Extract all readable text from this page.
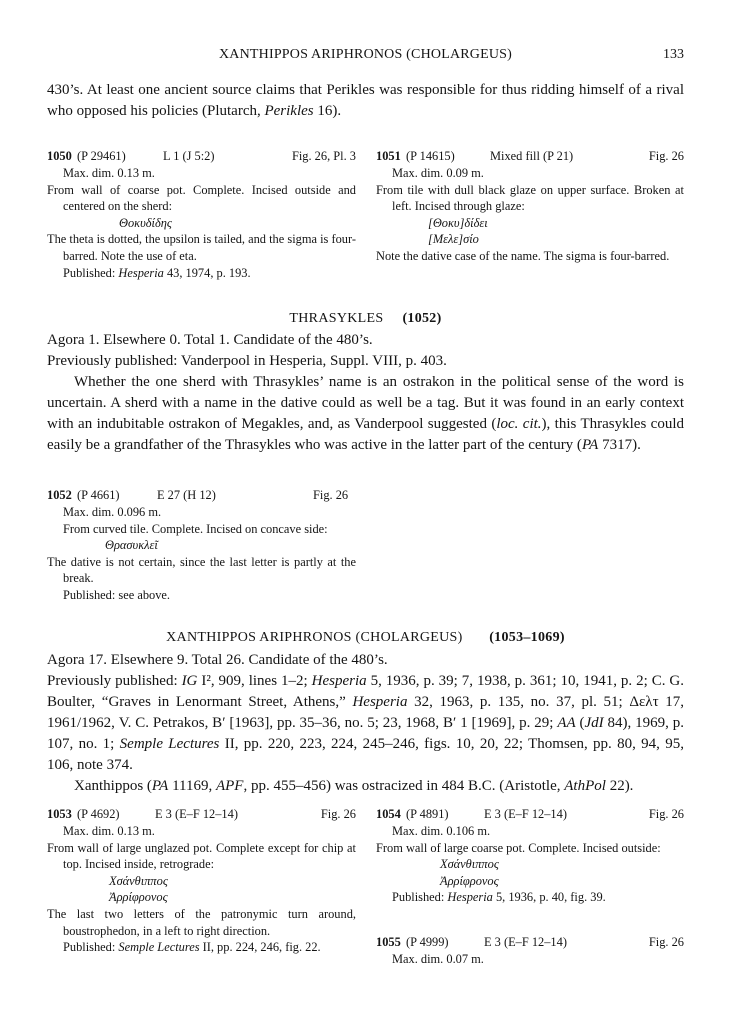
XANTHIPPOS ARIPHRONOS (CHOLARGEUS)	133
430’s. At least one ancient source claims that Perikles was responsible for thus ridding himself of a rival who opposed his policies (Plutarch, Perikles 16).
1050 (P 29461)	L 1 (J 5:2)	Fig. 26, Pl. 3

Max. dim. 0.13 m.

From wall of coarse pot. Complete. Incised outside and centered on the sherd:

Θοκυδίδης

The theta is dotted, the upsilon is tailed, and the sigma is four-barred. Note the use of eta.

Published: Hesperia 43, 1974, p. 193.

1051 (P 14615)	Mixed fill (P 21)	Fig. 26

Max. dim. 0.09 m.

From tile with dull black glaze on upper surface. Broken at left. Incised through glaze:

[Θοκυ]δίδει

[Μελε]σίο

Note the dative case of the name. The sigma is four-barred.

THRASYKLES (1052)
Agora 1. Elsewhere 0. Total 1. Candidate of the 480’s.
Previously published: Vanderpool in Hesperia, Suppl. VIII, p. 403.
Whether the one sherd with Thrasykles’ name is an ostrakon in the political sense of the word is uncertain. A sherd with a name in the dative could as well be a tag. But it was found in an early context with an indubitable ostrakon of Megakles, and, as Vanderpool suggested (loc. cit.), this Thrasykles could easily be a grandfather of the Thrasykles who was active in the latter part of the century (PA 7317).
1052 (P 4661)	E 27 (H 12)	Fig. 26

Max. dim. 0.096 m.

From curved tile. Complete. Incised on concave side:

Θρασυκλεῖ

The dative is not certain, since the last letter is partly at the break.

Published: see above.

XANTHIPPOS ARIPHRONOS (CHOLARGEUS) (1053–1069)
Agora 17. Elsewhere 9. Total 26. Candidate of the 480’s.
Previously published: IG I², 909, lines 1–2; Hesperia 5, 1936, p. 39; 7, 1938, p. 361; 10, 1941, p. 2; C. G. Boulter, “Graves in Lenormant Street, Athens,” Hesperia 32, 1963, p. 135, no. 37, pl. 51; Δελτ 17, 1961/1962, V. C. Petrakos, B′ [1963], pp. 35–36, no. 5; 23, 1968, B′ 1 [1969], p. 29; AA (JdI 84), 1969, p. 107, no. 1; Semple Lectures II, pp. 220, 223, 224, 245–246, figs. 10, 20, 22; Thomsen, pp. 80, 94, 95, 106, note 374.
Xanthippos (PA 11169, APF, pp. 455–456) was ostracized in 484 B.C. (Aristotle, AthPol 22).
1053 (P 4692)	E 3 (E–F 12–14)	Fig. 26

Max. dim. 0.13 m.

From wall of large unglazed pot. Complete except for chip at top. Incised inside, retrograde:

Χσάνθιππος

Ἀρρίφρονος

The last two letters of the patronymic turn around, boustrophedon, in a left to right direction.

Published: Semple Lectures II, pp. 224, 246, fig. 22.

1054 (P 4891)	E 3 (E–F 12–14)	Fig. 26

Max. dim. 0.106 m.

From wall of large coarse pot. Complete. Incised outside:

Χσάνθιππος

Ἀρρίφρονος

Published: Hesperia 5, 1936, p. 40, fig. 39.

1055 (P 4999)	E 3 (E–F 12–14)	Fig. 26

Max. dim. 0.07 m.
